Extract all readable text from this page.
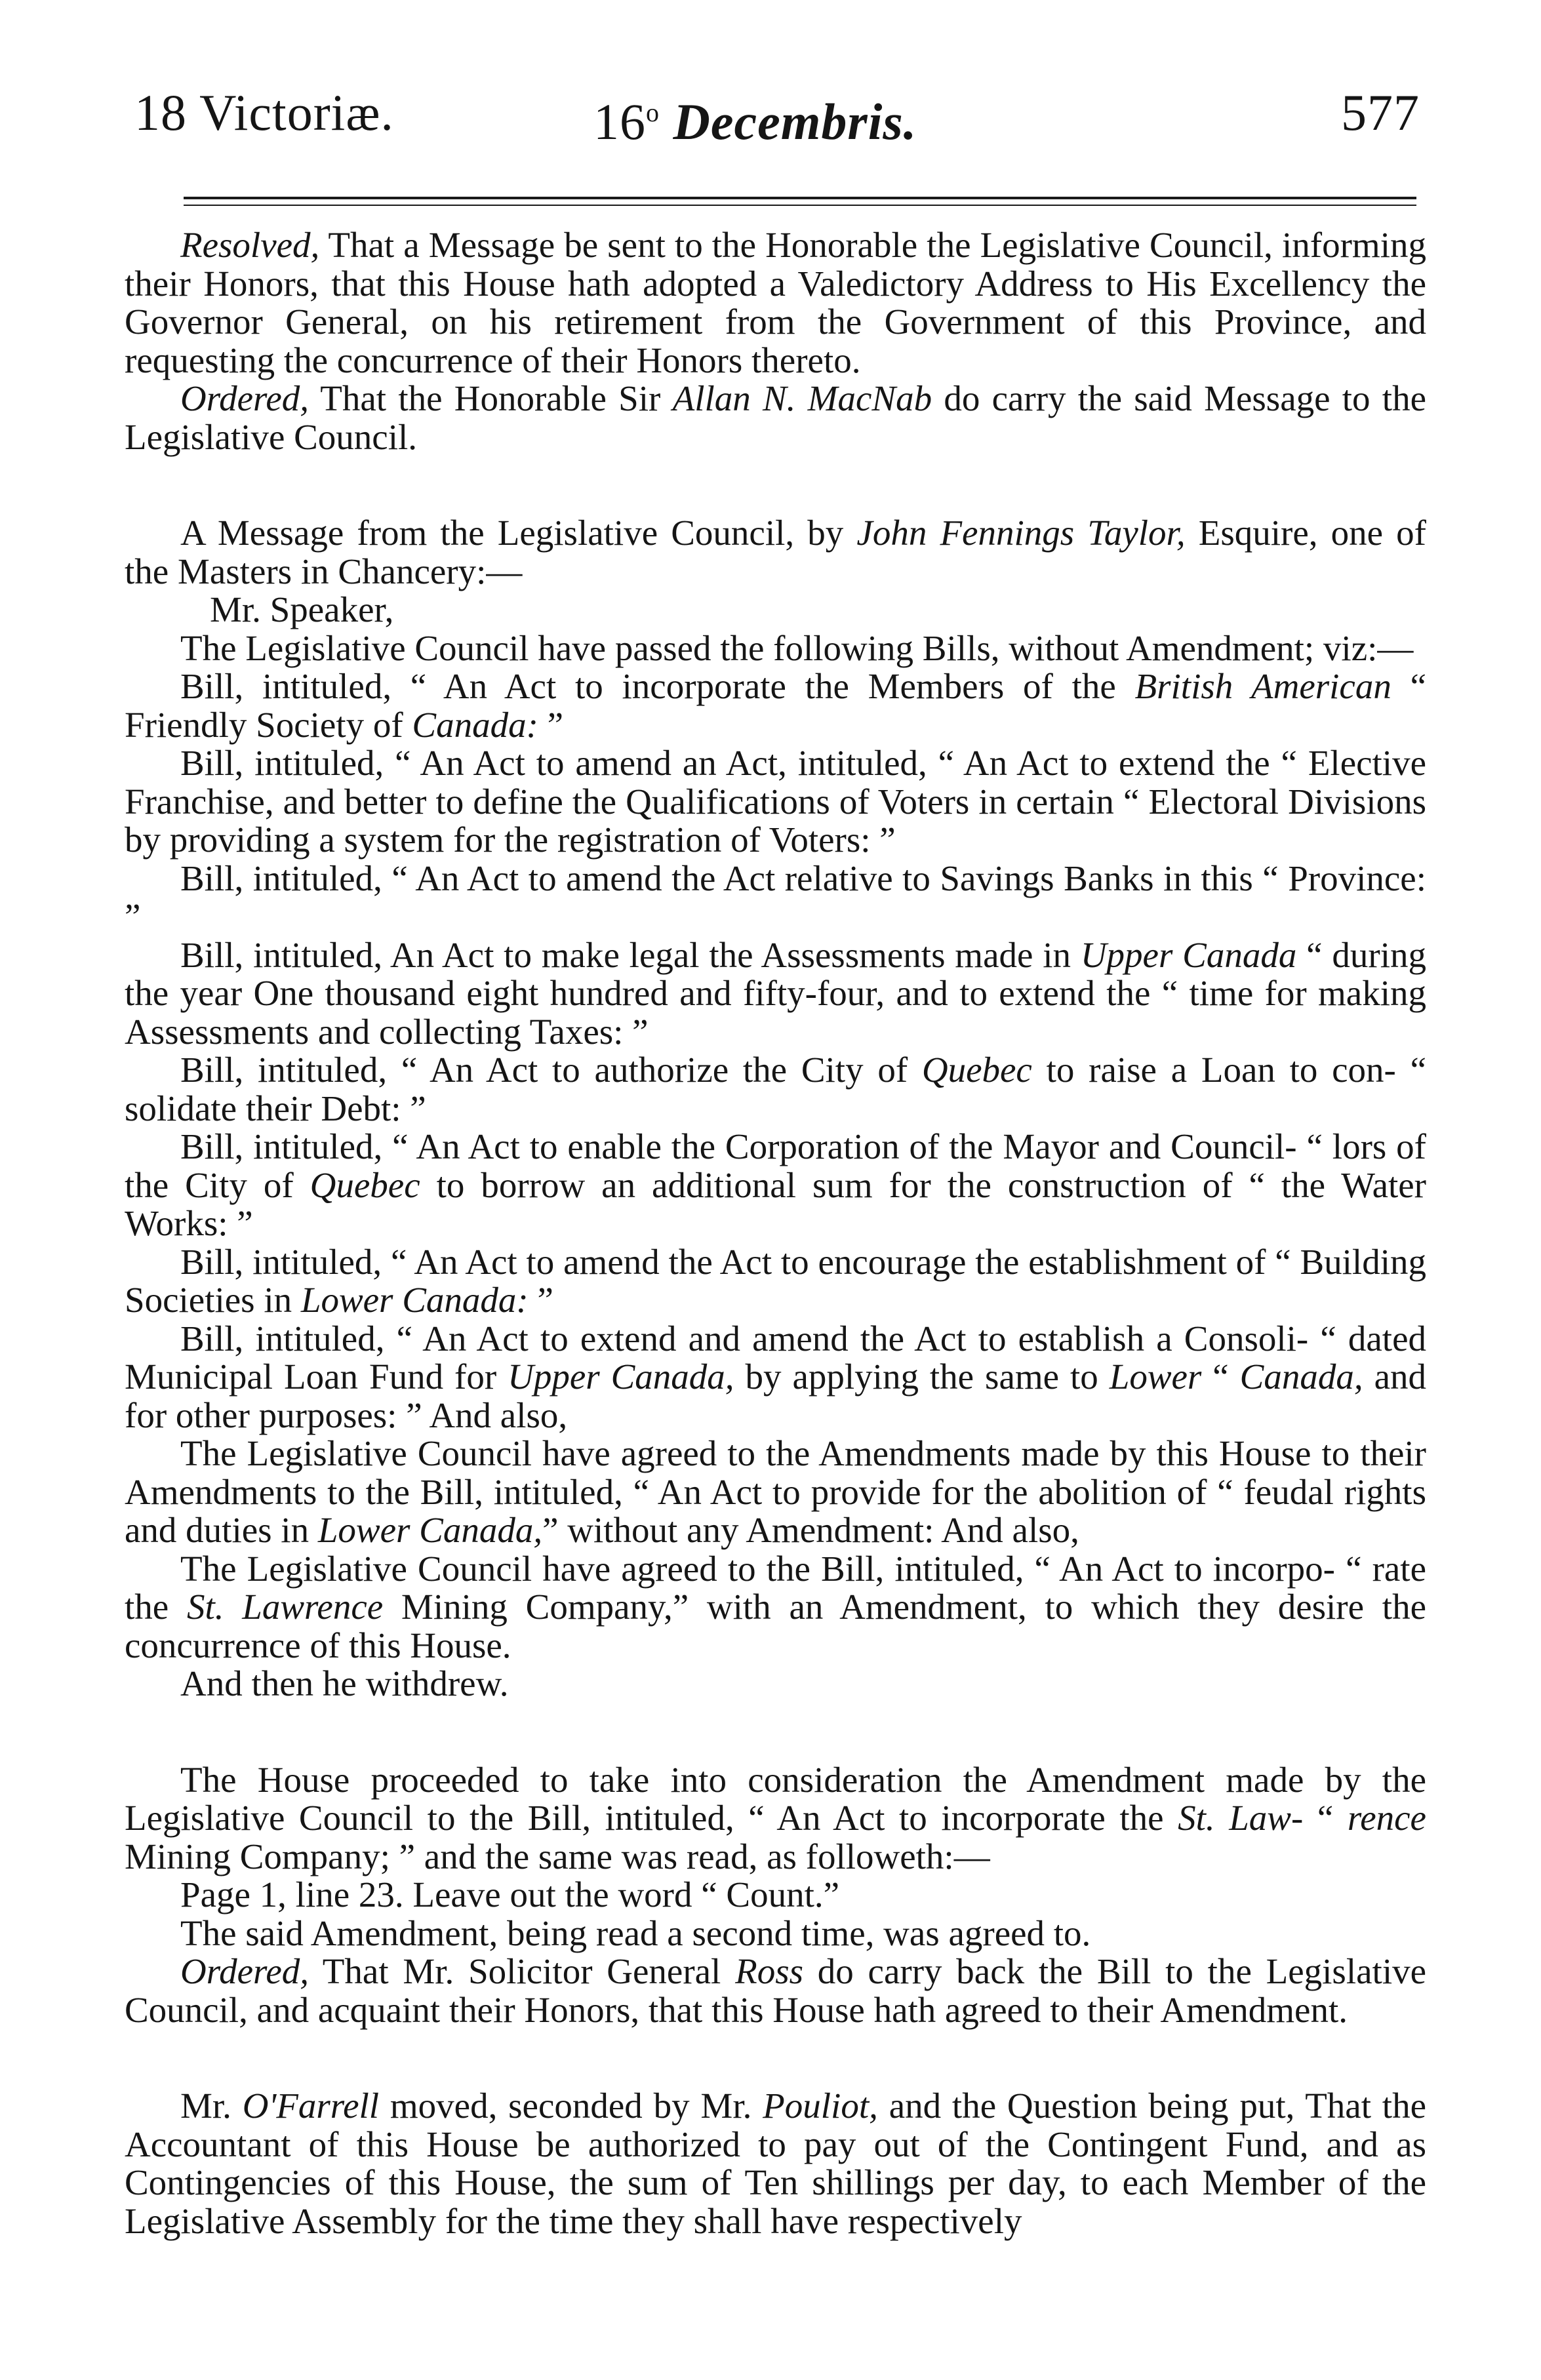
18 Victoriæ.	16$^o$ Decembris.	577

Resolved, That a Message be sent to the Honorable the Legislative Council, informing their Honors, that this House hath adopted a Valedictory Address to His Excellency the Governor General, on his retirement from the Government of this Province, and requesting the concurrence of their Honors thereto.

Ordered, That the Honorable Sir Allan N. MacNab do carry the said Message to the Legislative Council.

A Message from the Legislative Council, by John Fennings Taylor, Esquire, one of the Masters in Chancery:—

Mr. Speaker,

The Legislative Council have passed the following Bills, without Amendment; viz:—

Bill, intituled, “ An Act to incorporate the Members of the British American “ Friendly Society of Canada: ”

Bill, intituled, “ An Act to amend an Act, intituled, “ An Act to extend the “ Elective Franchise, and better to define the Qualifications of Voters in certain “ Electoral Divisions by providing a system for the registration of Voters: ”

Bill, intituled, “ An Act to amend the Act relative to Savings Banks in this “ Province: ”

Bill, intituled, An Act to make legal the Assessments made in Upper Canada “ during the year One thousand eight hundred and fifty-four, and to extend the “ time for making Assessments and collecting Taxes: ”

Bill, intituled, “ An Act to authorize the City of Quebec to raise a Loan to con- “ solidate their Debt: ”

Bill, intituled, “ An Act to enable the Corporation of the Mayor and Council- “ lors of the City of Quebec to borrow an additional sum for the construction of “ the Water Works: ”

Bill, intituled, “ An Act to amend the Act to encourage the establishment of “ Building Societies in Lower Canada: ”

Bill, intituled, “ An Act to extend and amend the Act to establish a Consoli- “ dated Municipal Loan Fund for Upper Canada, by applying the same to Lower “ Canada, and for other purposes: ” And also,

The Legislative Council have agreed to the Amendments made by this House to their Amendments to the Bill, intituled, “ An Act to provide for the abolition of “ feudal rights and duties in Lower Canada,” without any Amendment: And also,

The Legislative Council have agreed to the Bill, intituled, “ An Act to incorpo- “ rate the St. Lawrence Mining Company,” with an Amendment, to which they desire the concurrence of this House.

And then he withdrew.

The House proceeded to take into consideration the Amendment made by the Legislative Council to the Bill, intituled, “ An Act to incorporate the St. Law- “ rence Mining Company; ” and the same was read, as followeth:—

Page 1, line 23. Leave out the word “ Count.”

The said Amendment, being read a second time, was agreed to.

Ordered, That Mr. Solicitor General Ross do carry back the Bill to the Legislative Council, and acquaint their Honors, that this House hath agreed to their Amendment.

Mr. O'Farrell moved, seconded by Mr. Pouliot, and the Question being put, That the Accountant of this House be authorized to pay out of the Contingent Fund, and as Contingencies of this House, the sum of Ten shillings per day, to each Member of the Legislative Assembly for the time they shall have respectively
